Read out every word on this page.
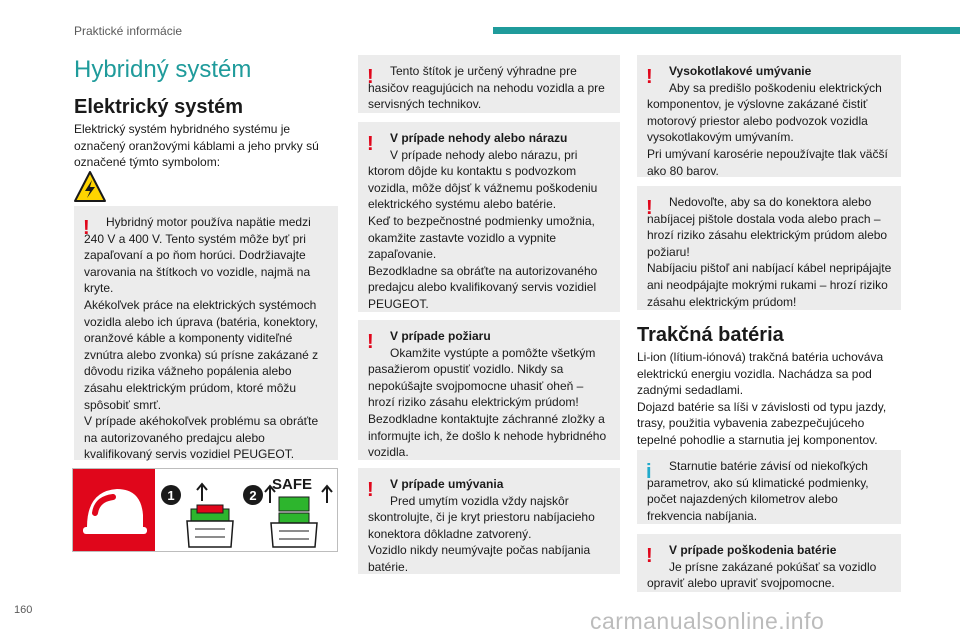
Praktické informácie
Hybridný systém
Elektrický systém

Elektrický systém hybridného systému je označený oranžovými káblami a jeho prvky sú označené týmto symbolom:

!	Hybridný motor používa napätie medzi 240 V a 400 V. Tento systém môže byť pri zapaľovaní a po ňom horúci. Dodržiavajte varovania na štítkoch vo vozidle, najmä na kryte.
Akékoľvek práce na elektrických systémoch vozidla alebo ich úprava (batéria, konektory, oranžové káble a komponenty viditeľné zvnútra alebo zvonka) sú prísne zakázané z dôvodu rizika vážneho popálenia alebo zásahu elektrickým prúdom, ktoré môžu spôsobiť smrť.
V prípade akéhokoľvek problému sa obráťte na autorizovaného predajcu alebo kvalifikovaný servis vozidiel PEUGEOT.
1	2
SAFE
!	Tento štítok je určený výhradne pre hasičov reagujúcich na nehodu vozidla a pre servisných technikov.
!	V prípade nehody alebo nárazu
V prípade nehody alebo nárazu, pri ktorom dôjde ku kontaktu s podvozkom vozidla, môže dôjsť k vážnemu poškodeniu elektrického systému alebo batérie.
Keď to bezpečnostné podmienky umožnia, okamžite zastavte vozidlo a vypnite zapaľovanie.
Bezodkladne sa obráťte na autorizovaného predajcu alebo kvalifikovaný servis vozidiel PEUGEOT.
!	V prípade požiaru
Okamžite vystúpte a pomôžte všetkým pasažierom opustiť vozidlo. Nikdy sa nepokúšajte svojpomocne uhasiť oheň – hrozí riziko zásahu elektrickým prúdom!
Bezodkladne kontaktujte záchranné zložky a informujte ich, že došlo k nehode hybridného vozidla.
!	V prípade umývania
Pred umytím vozidla vždy najskôr skontrolujte, či je kryt priestoru nabíjacieho konektora dôkladne zatvorený.
Vozidlo nikdy neumývajte počas nabíjania batérie.
!	Vysokotlakové umývanie
Aby sa predišlo poškodeniu elektrických komponentov, je výslovne zakázané čistiť motorový priestor alebo podvozok vozidla vysokotlakovým umývaním.
Pri umývaní karosérie nepoužívajte tlak väčší ako 80 barov.
!	Nedovoľte, aby sa do konektora alebo nabíjacej pištole dostala voda alebo prach – hrozí riziko zásahu elektrickým prúdom alebo požiaru!
Nabíjaciu pištoľ ani nabíjací kábel nepripájajte ani neodpájajte mokrými rukami – hrozí riziko zásahu elektrickým prúdom!
Trakčná batéria

Li-ion (lítium-iónová) trakčná batéria uchováva elektrickú energiu vozidla. Nachádza sa pod zadnými sedadlami.
Dojazd batérie sa líši v závislosti od typu jazdy, trasy, použitia vybavenia zabezpečujúceho tepelné pohodlie a starnutia jej komponentov.

i	Starnutie batérie závisí od niekoľkých parametrov, ako sú klimatické podmienky, počet najazdených kilometrov alebo frekvencia nabíjania.
!	V prípade poškodenia batérie
Je prísne zakázané pokúšať sa vozidlo opraviť alebo upraviť svojpomocne.
160	carmanualsonline.info
